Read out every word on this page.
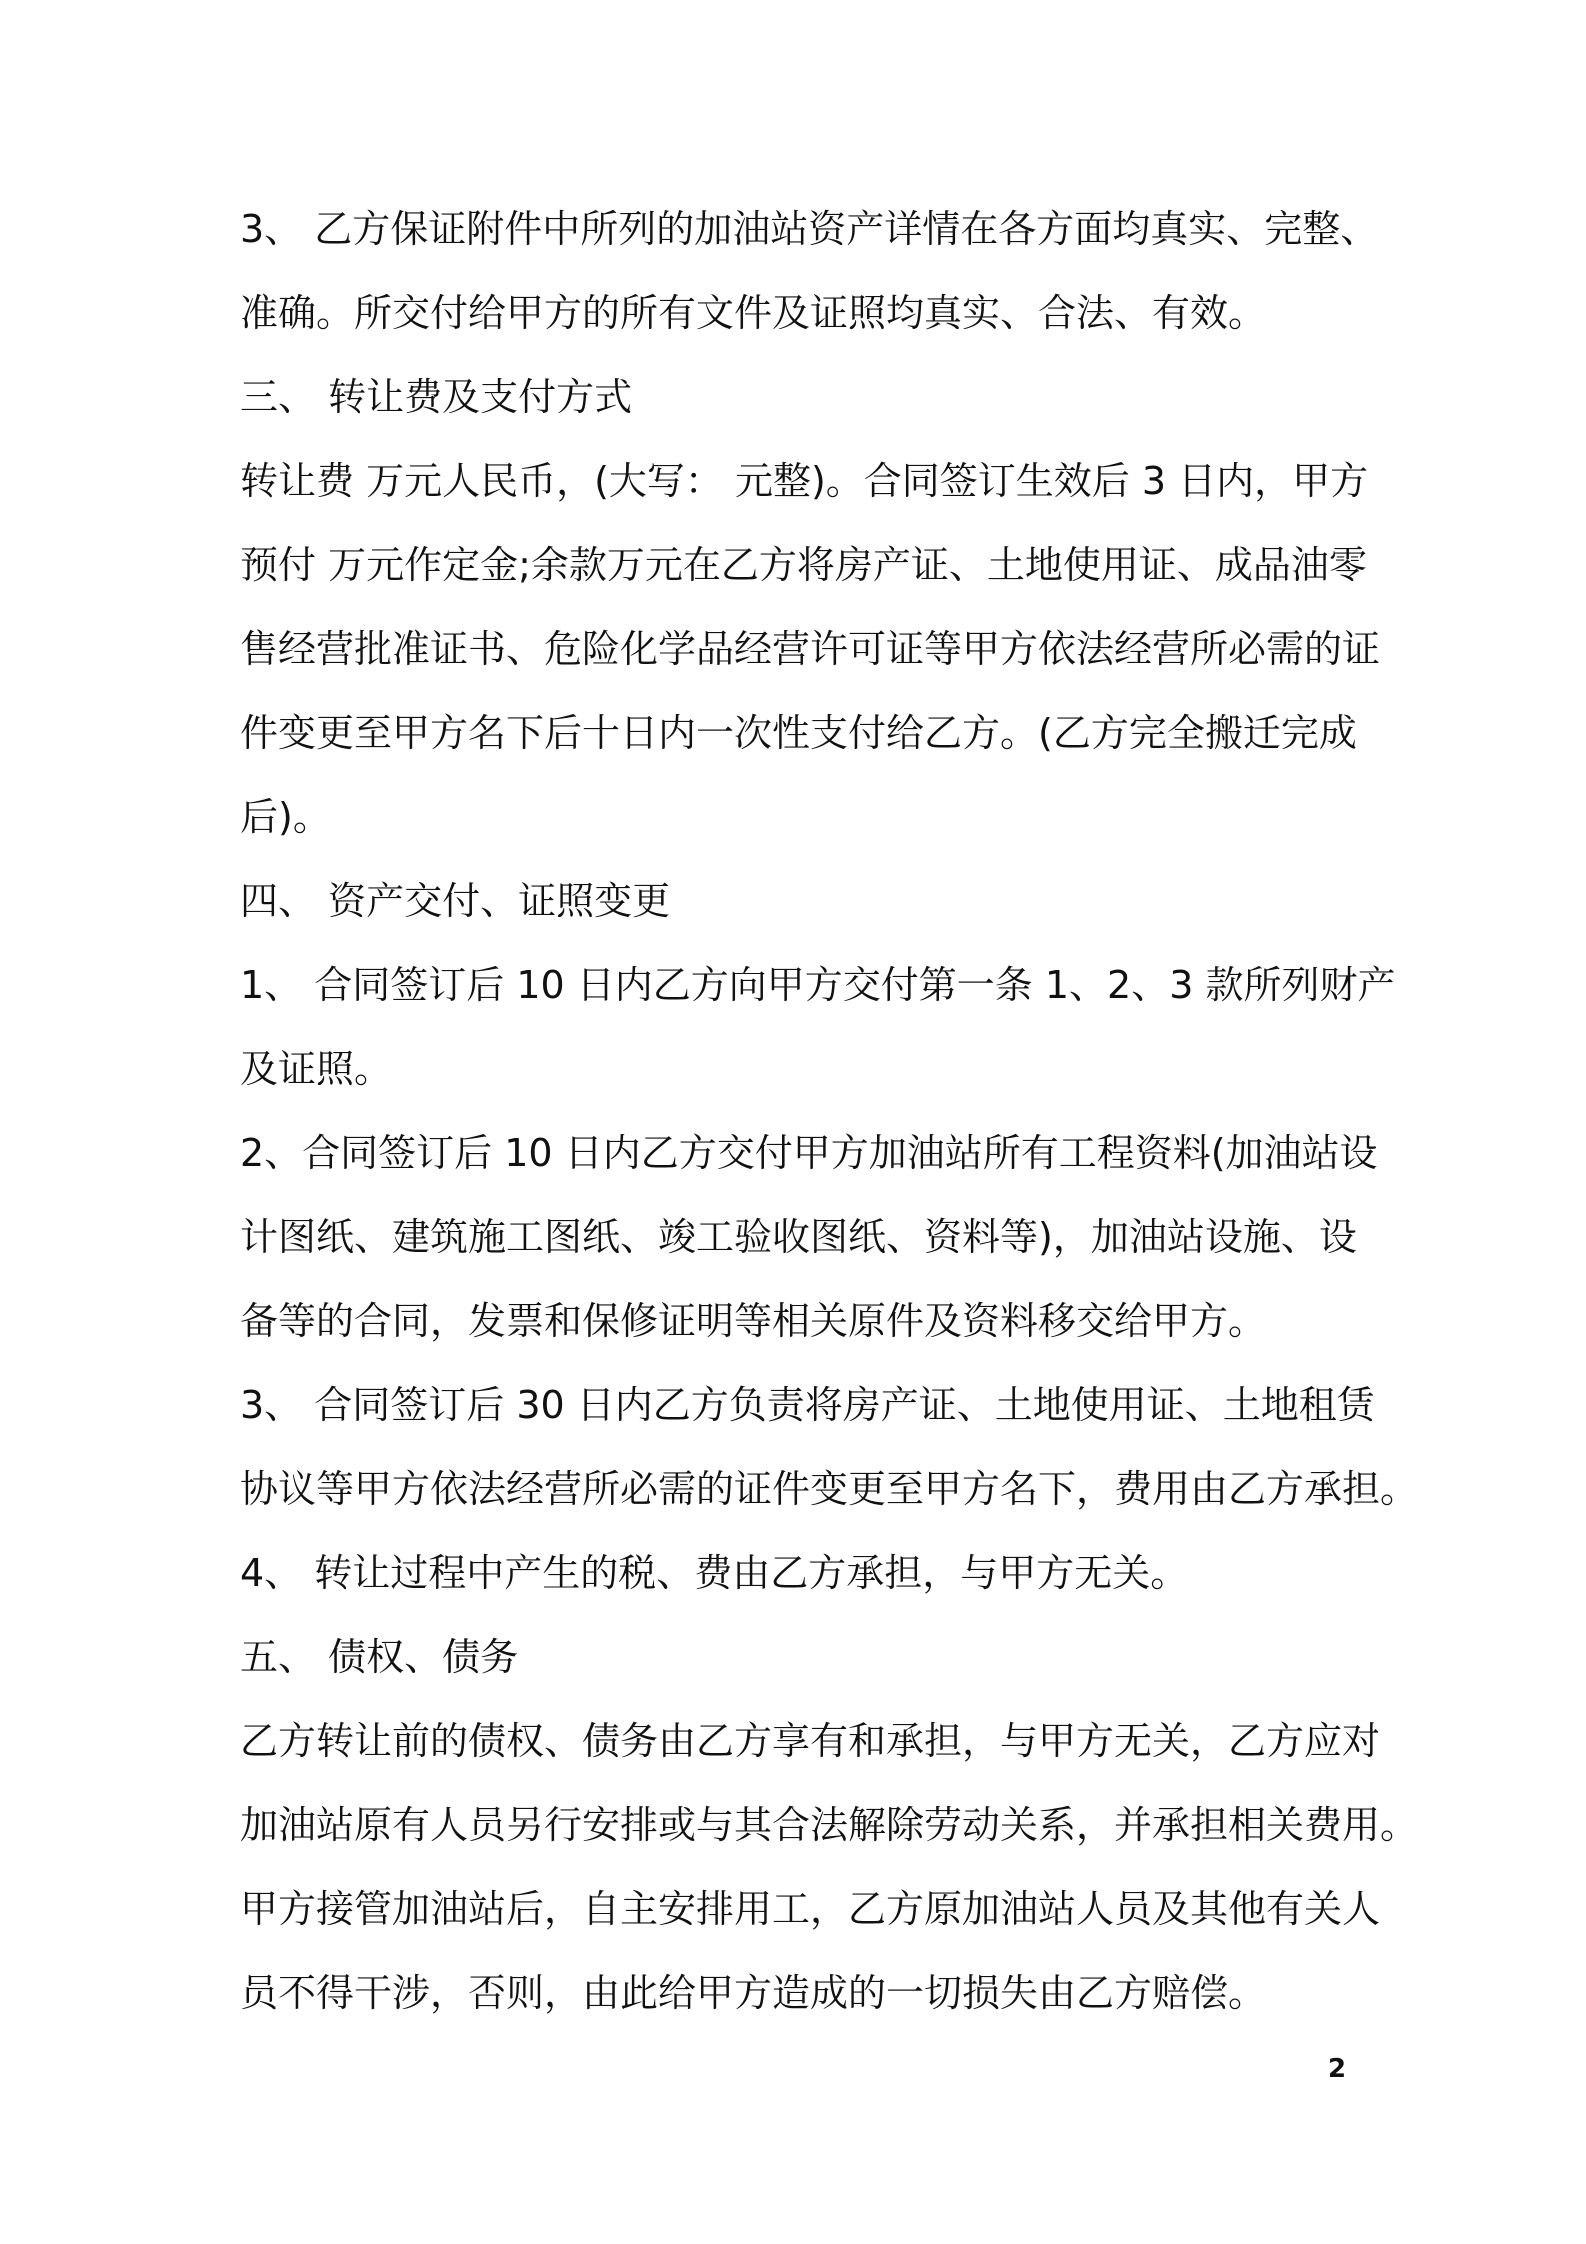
3、 乙方保证附件中所列的加油站资产详情在各方面均真实、完整、
准确。所交付给甲方的所有文件及证照均真实、合法、有效。
三、 转让费及支付方式
转让费 万元人民币，(大写： 元整)。合同签订生效后 3 日内，甲方
预付 万元作定金;余款万元在乙方将房产证、土地使用证、成品油零
售经营批准证书、危险化学品经营许可证等甲方依法经营所必需的证
件变更至甲方名下后十日内一次性支付给乙方。(乙方完全搬迁完成
后)。
四、 资产交付、证照变更
1、 合同签订后 10 日内乙方向甲方交付第一条 1、2、3 款所列财产
及证照。
2、合同签订后 10 日内乙方交付甲方加油站所有工程资料(加油站设
计图纸、建筑施工图纸、竣工验收图纸、资料等)，加油站设施、设
备等的合同，发票和保修证明等相关原件及资料移交给甲方。
3、 合同签订后 30 日内乙方负责将房产证、土地使用证、土地租赁
协议等甲方依法经营所必需的证件变更至甲方名下，费用由乙方承担。
4、 转让过程中产生的税、费由乙方承担，与甲方无关。
五、 债权、债务
乙方转让前的债权、债务由乙方享有和承担，与甲方无关，乙方应对
加油站原有人员另行安排或与其合法解除劳动关系，并承担相关费用。
甲方接管加油站后，自主安排用工，乙方原加油站人员及其他有关人
员不得干涉，否则，由此给甲方造成的一切损失由乙方赔偿。
2
